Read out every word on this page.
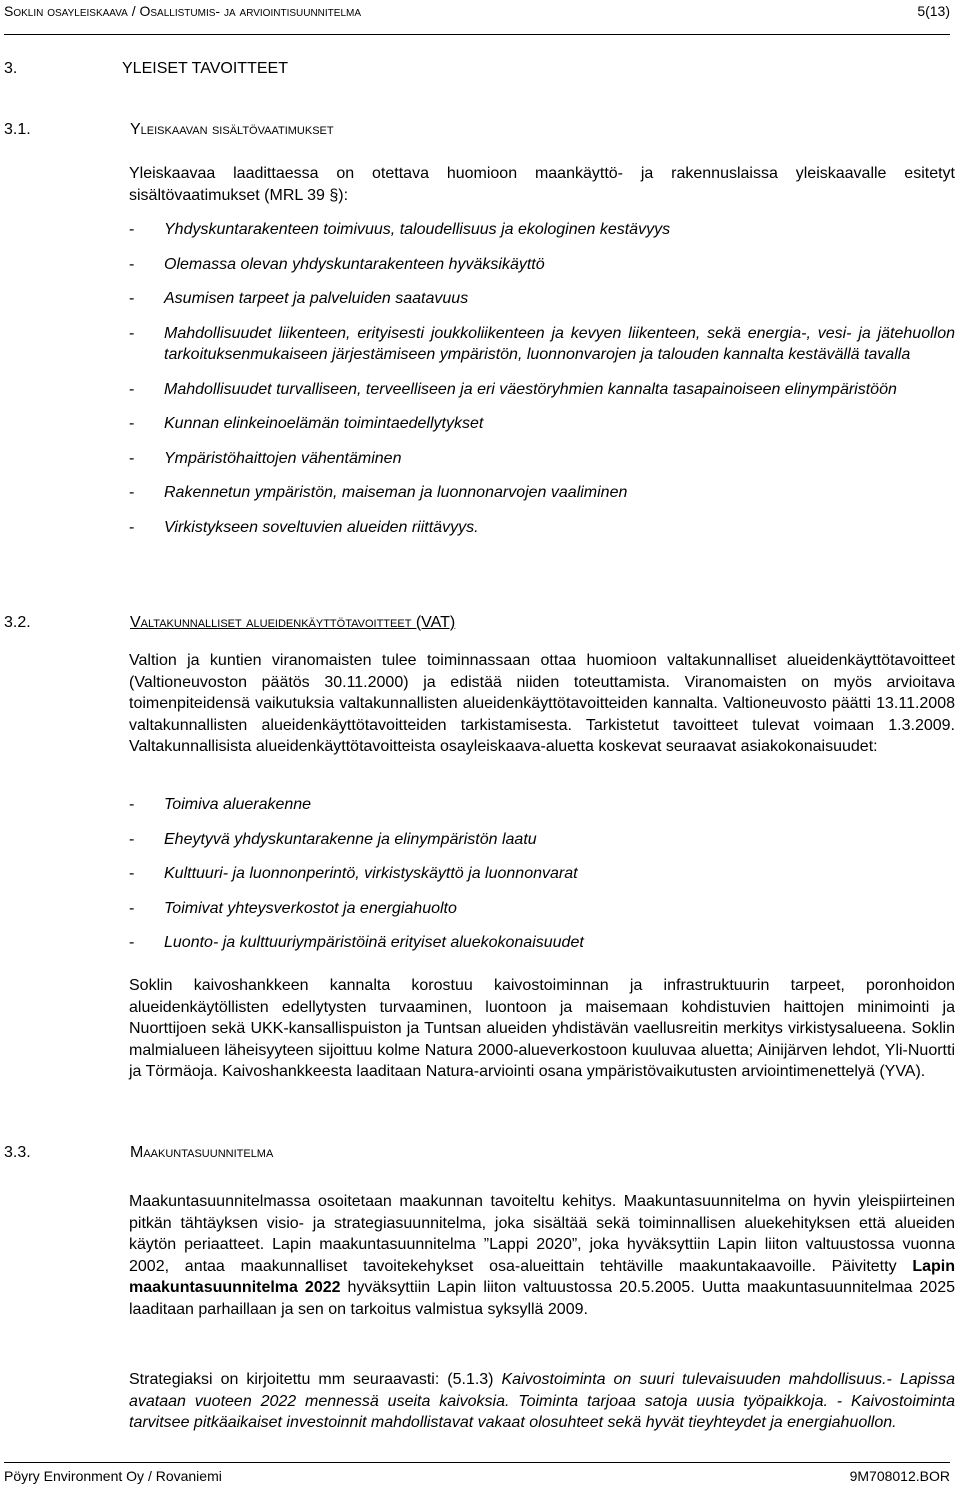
Soklin osayleiskaava / Osallistumis- ja arviointisuunnitelma	5(13)
3.	YLEISET TAVOITTEET
3.1.	Yleiskaavan sisältövaatimukset

Yleiskaavaa laadittaessa on otettava huomioon maankäyttö- ja rakennuslaissa yleiskaavalle esitetyt sisältövaatimukset (MRL 39 §):

- Yhdyskuntarakenteen toimivuus, taloudellisuus ja ekologinen kestävyys
- Olemassa olevan yhdyskuntarakenteen hyväksikäyttö
- Asumisen tarpeet ja palveluiden saatavuus
- Mahdollisuudet liikenteen, erityisesti joukkoliikenteen ja kevyen liikenteen, sekä energia-, vesi- ja jätehuollon tarkoituksenmukaiseen järjestämiseen ympäristön, luonnonvarojen ja talouden kannalta kestävällä tavalla
- Mahdollisuudet turvalliseen, terveelliseen ja eri väestöryhmien kannalta tasapainoiseen elinympäristöön
- Kunnan elinkeinoelämän toimintaedellytykset
- Ympäristöhaittojen vähentäminen
- Rakennetun ympäristön, maiseman ja luonnonarvojen vaaliminen
- Virkistykseen soveltuvien alueiden riittävyys.
3.2.	Valtakunnalliset alueidenkäyttötavoitteet (VAT)

Valtion ja kuntien viranomaisten tulee toiminnassaan ottaa huomioon valtakunnalliset alueidenkäyttötavoitteet (Valtioneuvoston päätös 30.11.2000) ja edistää niiden toteuttamista. Viranomaisten on myös arvioitava toimenpiteidensä vaikutuksia valtakunnallisten alueidenkäyttötavoitteiden kannalta. Valtioneuvosto päätti 13.11.2008 valtakunnallisten alueidenkäyttötavoitteiden tarkistamisesta. Tarkistetut tavoitteet tulevat voimaan 1.3.2009. Valtakunnallisista alueidenkäyttötavoitteista osayleiskaava-aluetta koskevat seuraavat asiakokonaisuudet:

- Toimiva aluerakenne
- Eheytyvä yhdyskuntarakenne ja elinympäristön laatu
- Kulttuuri- ja luonnonperintö, virkistyskäyttö ja luonnonvarat
- Toimivat yhteysverkostot ja energiahuolto
- Luonto- ja kulttuuriympäristöinä erityiset aluekokonaisuudet

Soklin kaivoshankkeen kannalta korostuu kaivostoiminnan ja infrastruktuurin tarpeet, poronhoidon alueidenkäytöllisten edellytysten turvaaminen, luontoon ja maisemaan kohdistuvien haittojen minimointi ja Nuorttijoen sekä UKK-kansallispuiston ja Tuntsan alueiden yhdistävän vaellusreitin merkitys virkistysalueena. Soklin malmialueen läheisyyteen sijoittuu kolme Natura 2000-alueverkostoon kuuluvaa aluetta; Ainijärven lehdot, Yli-Nuortti ja Törmäoja. Kaivoshankkeesta laaditaan Natura-arviointi osana ympäristövaikutusten arviointimenettelyä (YVA).

3.3.	Maakuntasuunnitelma

Maakuntasuunnitelmassa osoitetaan maakunnan tavoiteltu kehitys. Maakuntasuunnitelma on hyvin yleispiirteinen pitkän tähtäyksen visio- ja strategiasuunnitelma, joka sisältää sekä toiminnallisen aluekehityksen että alueiden käytön periaatteet. Lapin maakuntasuunnitelma ”Lappi 2020”, joka hyväksyttiin Lapin liiton valtuustossa vuonna 2002, antaa maakunnalliset tavoitekehykset osa-alueittain tehtäville maakuntakaavoille. Päivitetty Lapin maakuntasuunnitelma 2022 hyväksyttiin Lapin liiton valtuustossa 20.5.2005. Uutta maakuntasuunnitelmaa 2025 laaditaan parhaillaan ja sen on tarkoitus valmistua syksyllä 2009.

Strategiaksi on kirjoitettu mm seuraavasti: (5.1.3) Kaivostoiminta on suuri tulevaisuuden mahdollisuus.- Lapissa avataan vuoteen 2022 mennessä useita kaivoksia. Toiminta tarjoaa satoja uusia työpaikkoja. - Kaivostoiminta tarvitsee pitkäaikaiset investoinnit mahdollistavat vakaat olosuhteet sekä hyvät tieyhteydet ja energiahuollon.

Pöyry Environment Oy / Rovaniemi	9M708012.BOR
